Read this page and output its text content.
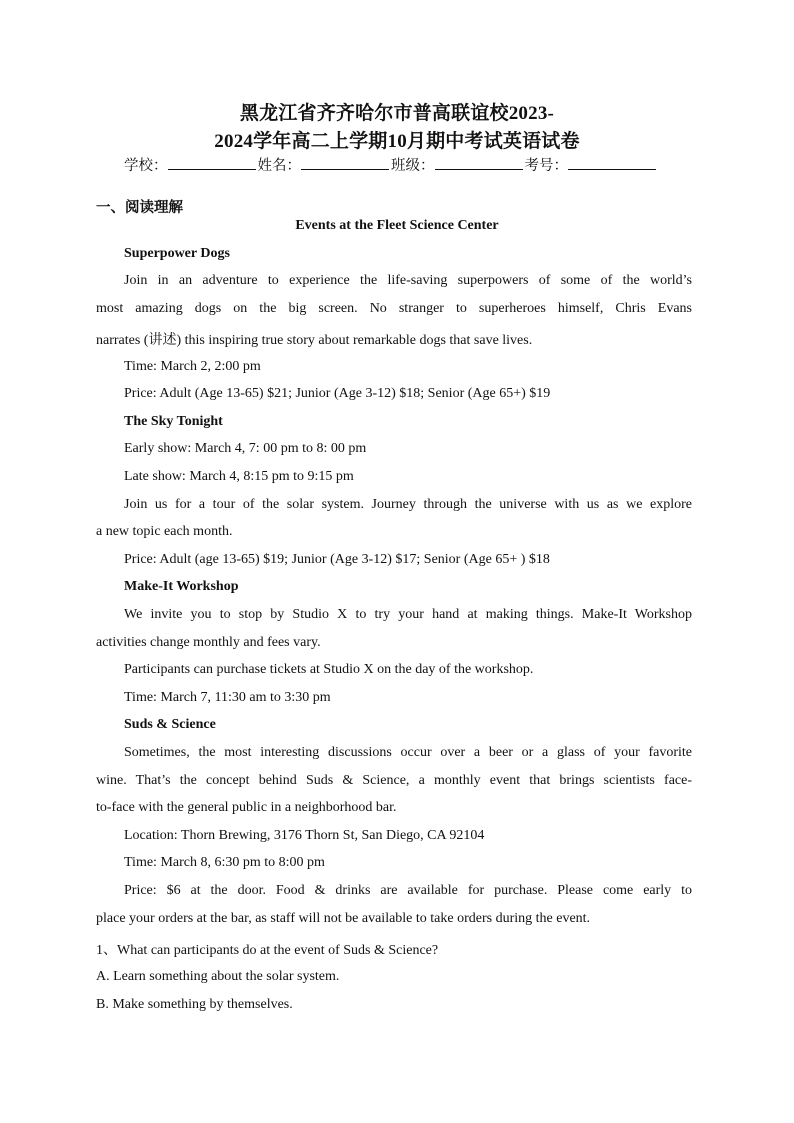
黑龙江省齐齐哈尔市普高联谊校2023-
2024学年高二上学期10月期中考试英语试卷
学校：	姓名：	班级：	考号：
一、阅读理解
Events at the Fleet Science Center
Superpower Dogs
Join in an adventure to experience the life-saving superpowers of some of the world’s
most amazing dogs on the big screen. No stranger to superheroes himself, Chris Evans
narrates (讲述) this inspiring true story about remarkable dogs that save lives.
Time: March 2, 2:00 pm
Price: Adult (Age 13-65) $21; Junior (Age 3-12) $18; Senior (Age 65+) $19
The Sky Tonight
Early show: March 4, 7: 00 pm to 8: 00 pm
Late show: March 4, 8:15 pm to 9:15 pm
Join us for a tour of the solar system. Journey through the universe with us as we explore
a new topic each month.
Price: Adult (age 13-65) $19; Junior (Age 3-12) $17; Senior (Age 65+ ) $18
Make-It Workshop
We invite you to stop by Studio X to try your hand at making things. Make-It Workshop
activities change monthly and fees vary.
Participants can purchase tickets at Studio X on the day of the workshop.
Time: March 7, 11:30 am to 3:30 pm
Suds & Science
Sometimes, the most interesting discussions occur over a beer or a glass of your favorite
wine. That’s the concept behind Suds & Science, a monthly event that brings scientists face-
to-face with the general public in a neighborhood bar.
Location: Thorn Brewing, 3176 Thorn St, San Diego, CA 92104
Time: March 8, 6:30 pm to 8:00 pm
Price: $6 at the door. Food & drinks are available for purchase. Please come early to
place your orders at the bar, as staff will not be available to take orders during the event.
1、What can participants do at the event of Suds & Science?
A. Learn something about the solar system.
B. Make something by themselves.
